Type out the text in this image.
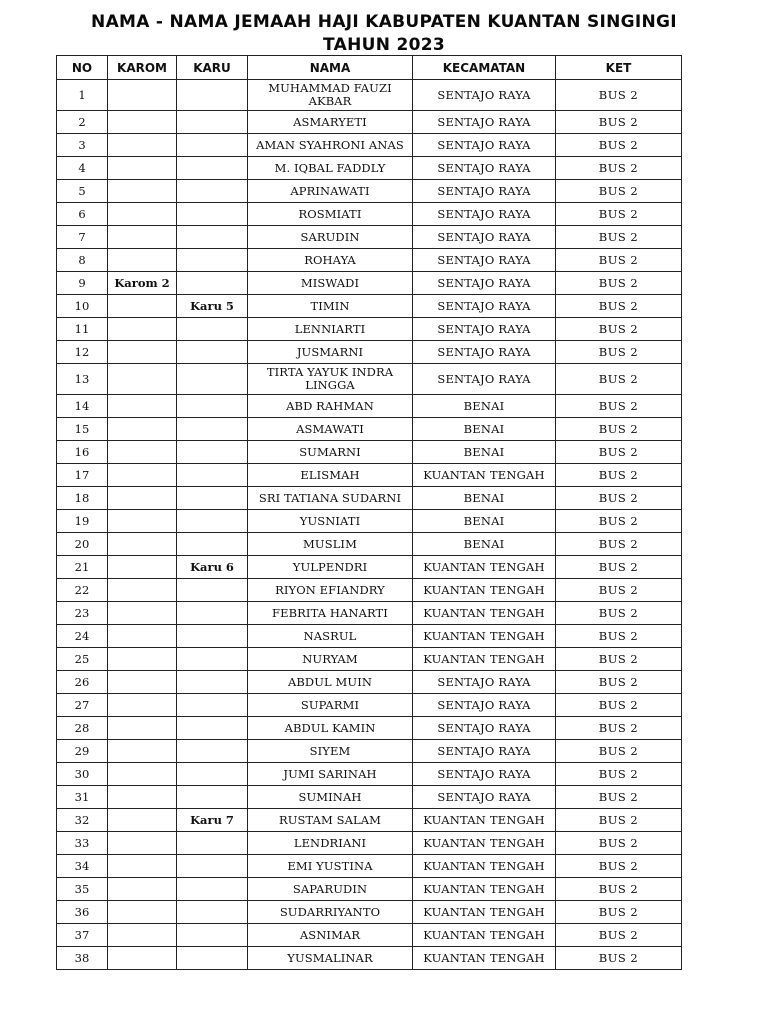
NAMA - NAMA JEMAAH HAJI KABUPATEN KUANTAN SINGINGI
TAHUN 2023
NO	KAROM	KARU	NAMA	KECAMATAN	KET
1			MUHAMMAD FAUZI AKBAR	SENTAJO RAYA	BUS 2
2			ASMARYETI	SENTAJO RAYA	BUS 2
3			AMAN SYAHRONI ANAS	SENTAJO RAYA	BUS 2
4			M. IQBAL FADDLY	SENTAJO RAYA	BUS 2
5			APRINAWATI	SENTAJO RAYA	BUS 2
6			ROSMIATI	SENTAJO RAYA	BUS 2
7			SARUDIN	SENTAJO RAYA	BUS 2
8			ROHAYA	SENTAJO RAYA	BUS 2
9	Karom 2		MISWADI	SENTAJO RAYA	BUS 2
10		Karu 5	TIMIN	SENTAJO RAYA	BUS 2
11			LENNIARTI	SENTAJO RAYA	BUS 2
12			JUSMARNI	SENTAJO RAYA	BUS 2
13			TIRTA YAYUK INDRA LINGGA	SENTAJO RAYA	BUS 2
14			ABD RAHMAN	BENAI	BUS 2
15			ASMAWATI	BENAI	BUS 2
16			SUMARNI	BENAI	BUS 2
17			ELISMAH	KUANTAN TENGAH	BUS 2
18			SRI TATIANA SUDARNI	BENAI	BUS 2
19			YUSNIATI	BENAI	BUS 2
20			MUSLIM	BENAI	BUS 2
21		Karu 6	YULPENDRI	KUANTAN TENGAH	BUS 2
22			RIYON EFIANDRY	KUANTAN TENGAH	BUS 2
23			FEBRITA HANARTI	KUANTAN TENGAH	BUS 2
24			NASRUL	KUANTAN TENGAH	BUS 2
25			NURYAM	KUANTAN TENGAH	BUS 2
26			ABDUL MUIN	SENTAJO RAYA	BUS 2
27			SUPARMI	SENTAJO RAYA	BUS 2
28			ABDUL KAMIN	SENTAJO RAYA	BUS 2
29			SIYEM	SENTAJO RAYA	BUS 2
30			JUMI SARINAH	SENTAJO RAYA	BUS 2
31			SUMINAH	SENTAJO RAYA	BUS 2
32		Karu 7	RUSTAM SALAM	KUANTAN TENGAH	BUS 2
33			LENDRIANI	KUANTAN TENGAH	BUS 2
34			EMI YUSTINA	KUANTAN TENGAH	BUS 2
35			SAPARUDIN	KUANTAN TENGAH	BUS 2
36			SUDARRIYANTO	KUANTAN TENGAH	BUS 2
37			ASNIMAR	KUANTAN TENGAH	BUS 2
38			YUSMALINAR	KUANTAN TENGAH	BUS 2
